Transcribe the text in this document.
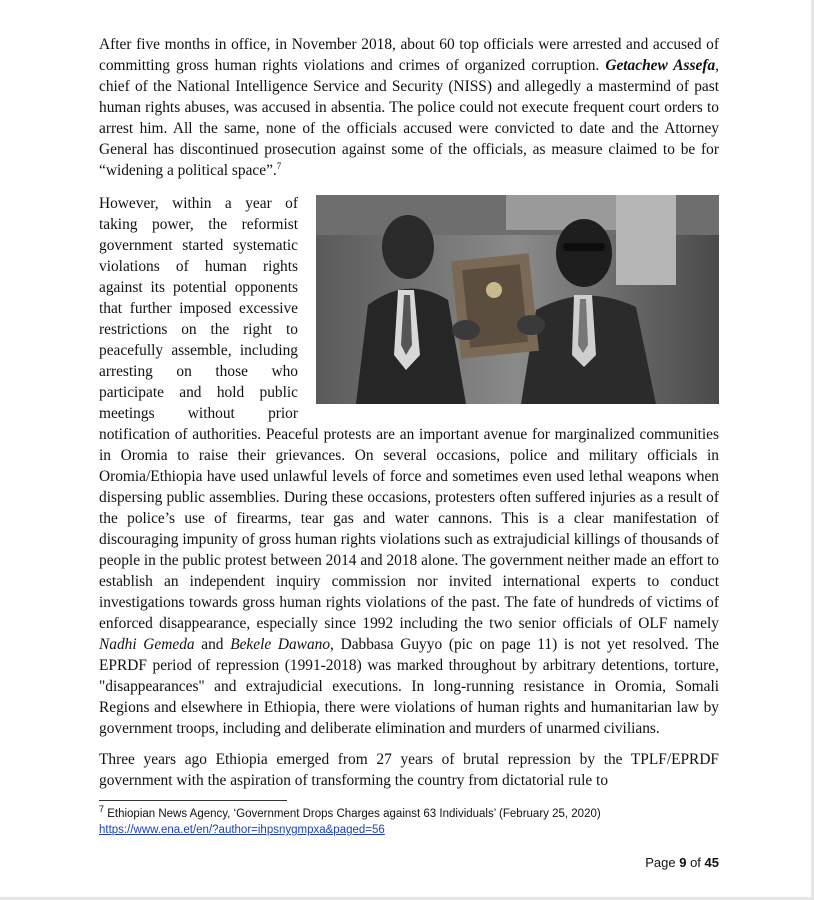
After five months in office, in November 2018, about 60 top officials were arrested and accused of committing gross human rights violations and crimes of organized corruption. Getachew Assefa, chief of the National Intelligence Service and Security (NISS) and allegedly a mastermind of past human rights abuses, was accused in absentia. The police could not execute frequent court orders to arrest him. All the same, none of the officials accused were convicted to date and the Attorney General has discontinued prosecution against some of the officials, as measure claimed to be for “widening a political space”.$^7$

However, within a year of taking power, the reformist government started systematic violations of human rights against its potential opponents that further imposed excessive restrictions on the right to peacefully assemble, including arresting on those who participate and hold public meetings without prior notification of authorities. Peaceful protests are an important avenue for marginalized communities in Oromia to raise their grievances. On several occasions, police and military officials in Oromia/Ethiopia have used unlawful levels of force and sometimes even used lethal weapons when dispersing public assemblies. During these occasions, protesters often suffered injuries as a result of the police’s use of firearms, tear gas and water cannons. This is a clear manifestation of discouraging impunity of gross human rights violations such as extrajudicial killings of thousands of people in the public protest between 2014 and 2018 alone. The government neither made an effort to establish an independent inquiry commission nor invited international experts to conduct investigations towards gross human rights violations of the past. The fate of hundreds of victims of enforced disappearance, especially since 1992 including the two senior officials of OLF namely Nadhi Gemeda and Bekele Dawano, Dabbasa Guyyo (pic on page 11) is not yet resolved. The EPRDF period of repression (1991-2018) was marked throughout by arbitrary detentions, torture, "disappearances" and extrajudicial executions. In long-running resistance in Oromia, Somali Regions and elsewhere in Ethiopia, there were violations of human rights and humanitarian law by government troops, including and deliberate elimination and murders of unarmed civilians.

Three years ago Ethiopia emerged from 27 years of brutal repression by the TPLF/EPRDF government with the aspiration of transforming the country from dictatorial rule to

$^7$ Ethiopian News Agency, ‘Government Drops Charges against 63 Individuals’ (February 25, 2020)
https://www.ena.et/en/?author=ihpsnygmpxa&paged=56
Page 9 of 45
